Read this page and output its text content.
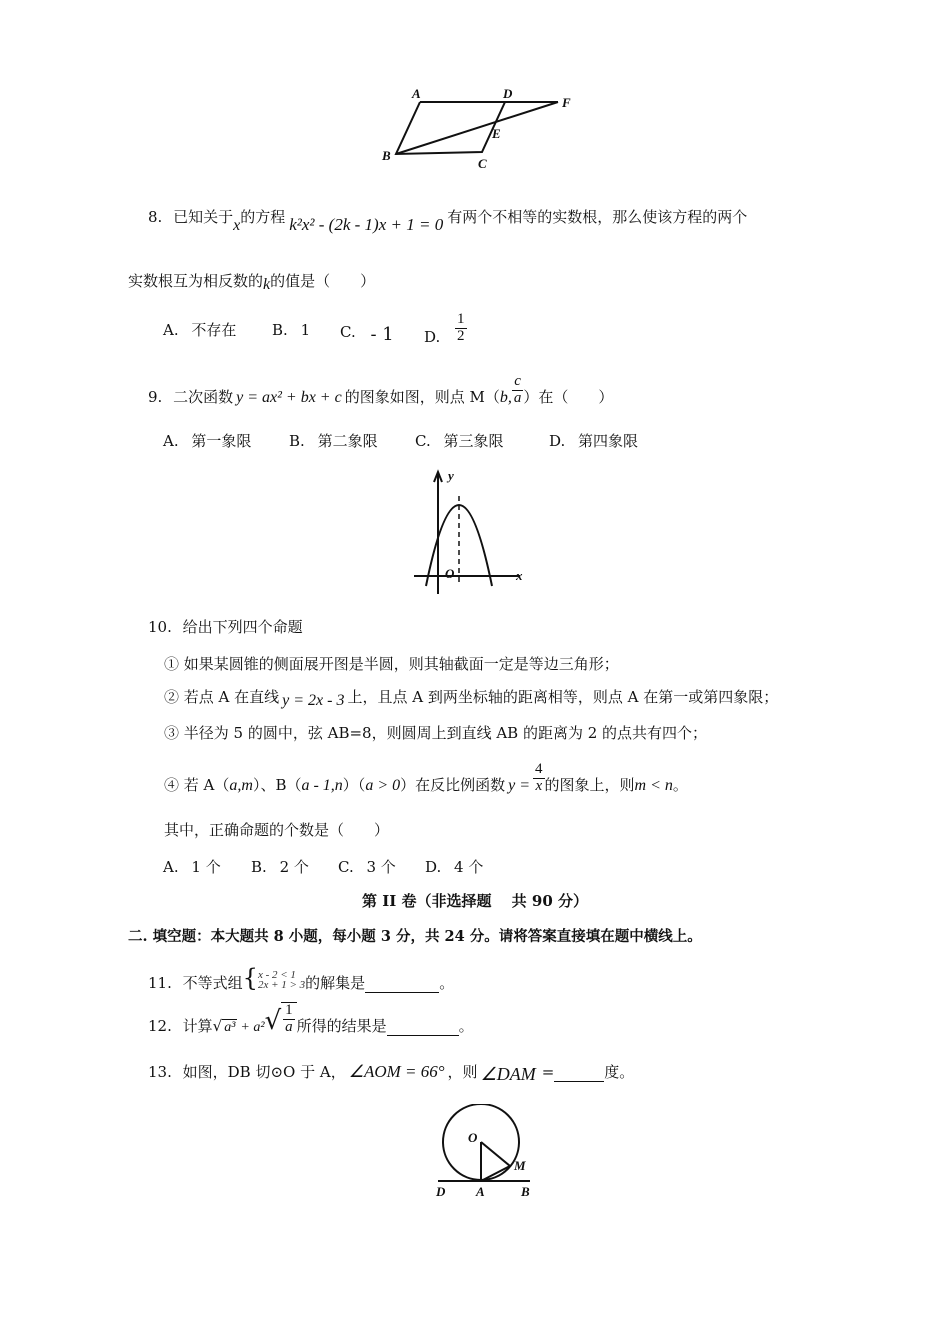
A	D
F
B
E
C
8. 已知关于x的方程 k²x² - (2k - 1)x + 1 = 0 有两个不相等的实数根，那么使该方程的两个
实数根互为相反数的k的值是（　　）
A. 不存在 B. 1 C. - 1 D. $\frac{1}{2}$
9. 二次函数 y = ax² + bx + c 的图象如图，则点 M（b, $\frac{c}{a}$ ）在（　　）
A. 第一象限	B. 第二象限 C. 第三象限	D. 第四象限
y
O	x
10. 给出下列四个命题
① 如果某圆锥的侧面展开图是半圆，则其轴截面一定是等边三角形；
② 若点 A 在直线 y = 2x - 3 上，且点 A 到两坐标轴的距离相等，则点 A 在第一或第四象限；
③ 半径为 5 的圆中，弦 AB=8，则圆周上到直线 AB 的距离为 2 的点共有四个；
④ 若 A（a,m）、B（a - 1,n）（a > 0）在反比例函数 $y = \frac{4}{x}$ 的图象上，则m < n。
其中，正确命题的个数是（　　）
A. 1 个 B. 2 个 C. 3 个 D. 4 个
第 II 卷（非选择题　 共 90 分）
二. 填空题：本大题共 8 小题，每小题 3 分，共 24 分。请将答案直接填在题中横线上。
11. 不等式组{ x - 2 < 1
2x + 1 > 3 的解集是	。
12. 计算√ $a^3 + a^2√ \frac{1}{a}$ 所得的结果是	。
13. 如图，DB 切⊙O 于 A， ∠AOM = 66° ，则 ∠DAM =	度。
O
M
D A	B
